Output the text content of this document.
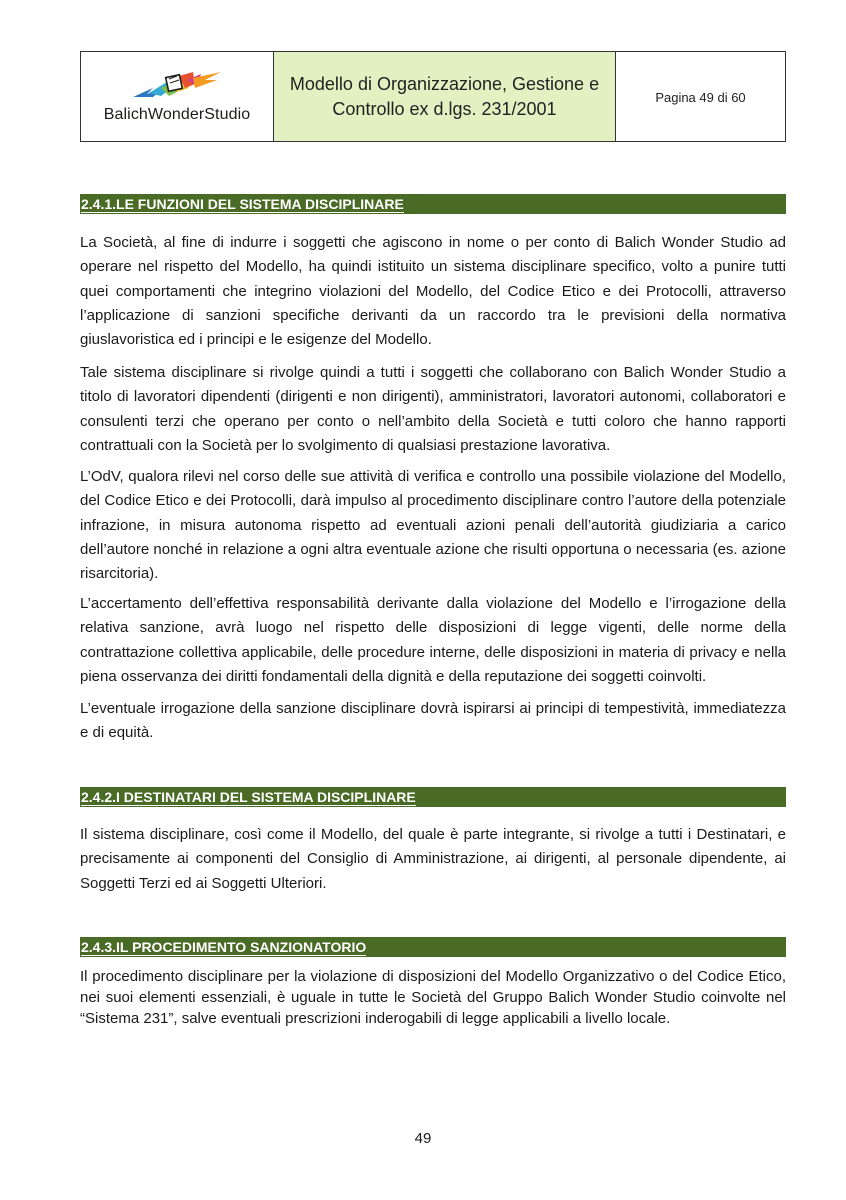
BalichWonderStudio

Modello di Organizzazione, Gestione e
Controllo ex d.lgs. 231/2001
	Pagina 49 di 60
2.4.1.LE FUNZIONI DEL SISTEMA DISCIPLINARE

La Società, al fine di indurre i soggetti che agiscono in nome o per conto di Balich Wonder Studio ad operare nel rispetto del Modello, ha quindi istituito un sistema disciplinare specifico, volto a punire tutti quei comportamenti che integrino violazioni del Modello, del Codice Etico e dei Protocolli, attraverso l’applicazione di sanzioni specifiche derivanti da un raccordo tra le previsioni della normativa giuslavoristica ed i principi e le esigenze del Modello.

Tale sistema disciplinare si rivolge quindi a tutti i soggetti che collaborano con Balich Wonder Studio a titolo di lavoratori dipendenti (dirigenti e non dirigenti), amministratori, lavoratori autonomi, collaboratori e consulenti terzi che operano per conto o nell’ambito della Società e tutti coloro che hanno rapporti contrattuali con la Società per lo svolgimento di qualsiasi prestazione lavorativa.

L’OdV, qualora rilevi nel corso delle sue attività di verifica e controllo una possibile violazione del Modello, del Codice Etico e dei Protocolli, darà impulso al procedimento disciplinare contro l’autore della potenziale infrazione, in misura autonoma rispetto ad eventuali azioni penali dell’autorità giudiziaria a carico dell’autore nonché in relazione a ogni altra eventuale azione che risulti opportuna o necessaria (es. azione risarcitoria).

L’accertamento dell’effettiva responsabilità derivante dalla violazione del Modello e l’irrogazione della relativa sanzione, avrà luogo nel rispetto delle disposizioni di legge vigenti, delle norme della contrattazione collettiva applicabile, delle procedure interne, delle disposizioni in materia di privacy e nella piena osservanza dei diritti fondamentali della dignità e della reputazione dei soggetti coinvolti.

L’eventuale irrogazione della sanzione disciplinare dovrà ispirarsi ai principi di tempestività, immediatezza e di equità.

2.4.2.I DESTINATARI DEL SISTEMA DISCIPLINARE

Il sistema disciplinare, così come il Modello, del quale è parte integrante, si rivolge a tutti i Destinatari, e precisamente ai componenti del Consiglio di Amministrazione, ai dirigenti, al personale dipendente, ai Soggetti Terzi ed ai Soggetti Ulteriori.

2.4.3.IL PROCEDIMENTO SANZIONATORIO

Il procedimento disciplinare per la violazione di disposizioni del Modello Organizzativo o del Codice Etico, nei suoi elementi essenziali, è uguale in tutte le Società del Gruppo Balich Wonder Studio coinvolte nel “Sistema 231”, salve eventuali prescrizioni inderogabili di legge applicabili a livello locale.

49
